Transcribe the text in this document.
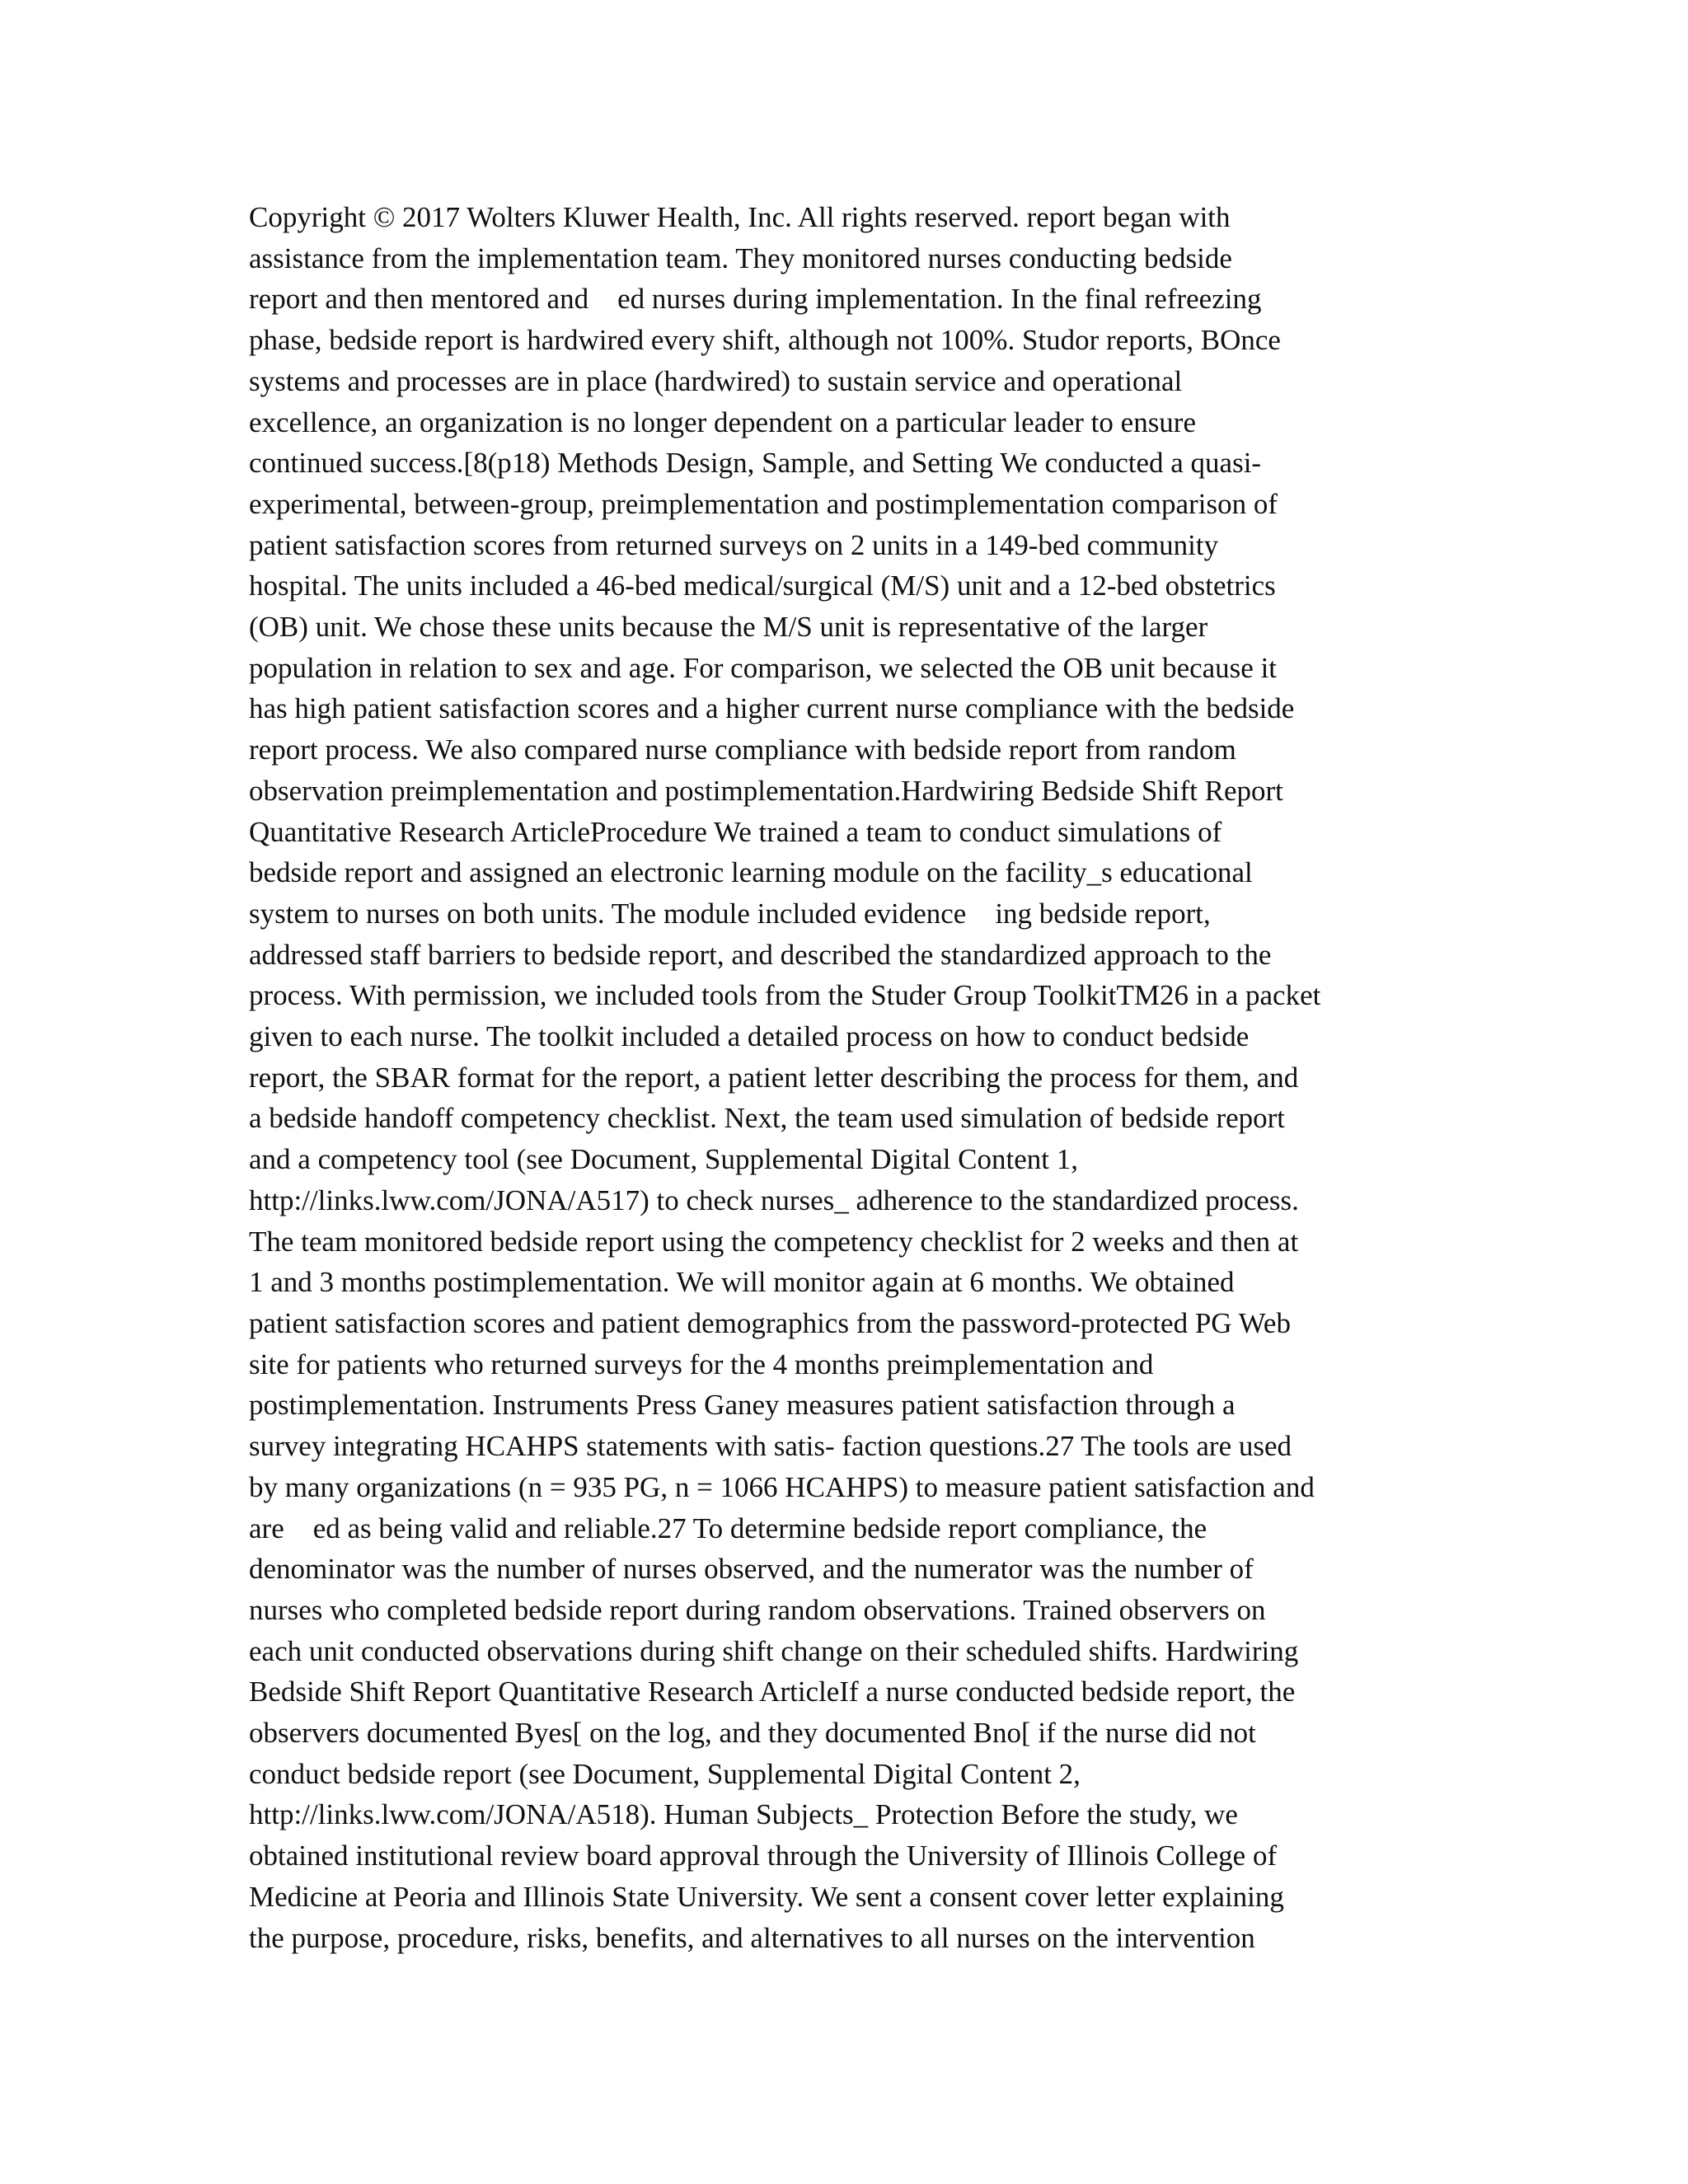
Copyright © 2017 Wolters Kluwer Health, Inc. All rights reserved. report began with
assistance from the implementation team. They monitored nurses conducting bedside
report and then mentored and    ed nurses during implementation. In the final refreezing
phase, bedside report is hardwired every shift, although not 100%. Studor reports, BOnce
systems and processes are in place (hardwired) to sustain service and operational
excellence, an organization is no longer dependent on a particular leader to ensure
continued success.[8(p18) Methods Design, Sample, and Setting We conducted a quasi-
experimental, between-group, preimplementation and postimplementation comparison of
patient satisfaction scores from returned surveys on 2 units in a 149-bed community
hospital. The units included a 46-bed medical/surgical (M/S) unit and a 12-bed obstetrics
(OB) unit. We chose these units because the M/S unit is representative of the larger
population in relation to sex and age. For comparison, we selected the OB unit because it
has high patient satisfaction scores and a higher current nurse compliance with the bedside
report process. We also compared nurse compliance with bedside report from random
observation preimplementation and postimplementation.Hardwiring Bedside Shift Report
Quantitative Research ArticleProcedure We trained a team to conduct simulations of
bedside report and assigned an electronic learning module on the facility_s educational
system to nurses on both units. The module included evidence    ing bedside report,
addressed staff barriers to bedside report, and described the standardized approach to the
process. With permission, we included tools from the Studer Group ToolkitTM26 in a packet
given to each nurse. The toolkit included a detailed process on how to conduct bedside
report, the SBAR format for the report, a patient letter describing the process for them, and
a bedside handoff competency checklist. Next, the team used simulation of bedside report
and a competency tool (see Document, Supplemental Digital Content 1,
http://links.lww.com/JONA/A517) to check nurses_ adherence to the standardized process.
The team monitored bedside report using the competency checklist for 2 weeks and then at
1 and 3 months postimplementation. We will monitor again at 6 months. We obtained
patient satisfaction scores and patient demographics from the password-protected PG Web
site for patients who returned surveys for the 4 months preimplementation and
postimplementation. Instruments Press Ganey measures patient satisfaction through a
survey integrating HCAHPS statements with satis- faction questions.27 The tools are used
by many organizations (n = 935 PG, n = 1066 HCAHPS) to measure patient satisfaction and
are    ed as being valid and reliable.27 To determine bedside report compliance, the
denominator was the number of nurses observed, and the numerator was the number of
nurses who completed bedside report during random observations. Trained observers on
each unit conducted observations during shift change on their scheduled shifts. Hardwiring
Bedside Shift Report Quantitative Research ArticleIf a nurse conducted bedside report, the
observers documented Byes[ on the log, and they documented Bno[ if the nurse did not
conduct bedside report (see Document, Supplemental Digital Content 2,
http://links.lww.com/JONA/A518). Human Subjects_ Protection Before the study, we
obtained institutional review board approval through the University of Illinois College of
Medicine at Peoria and Illinois State University. We sent a consent cover letter explaining
the purpose, procedure, risks, benefits, and alternatives to all nurses on the intervention
